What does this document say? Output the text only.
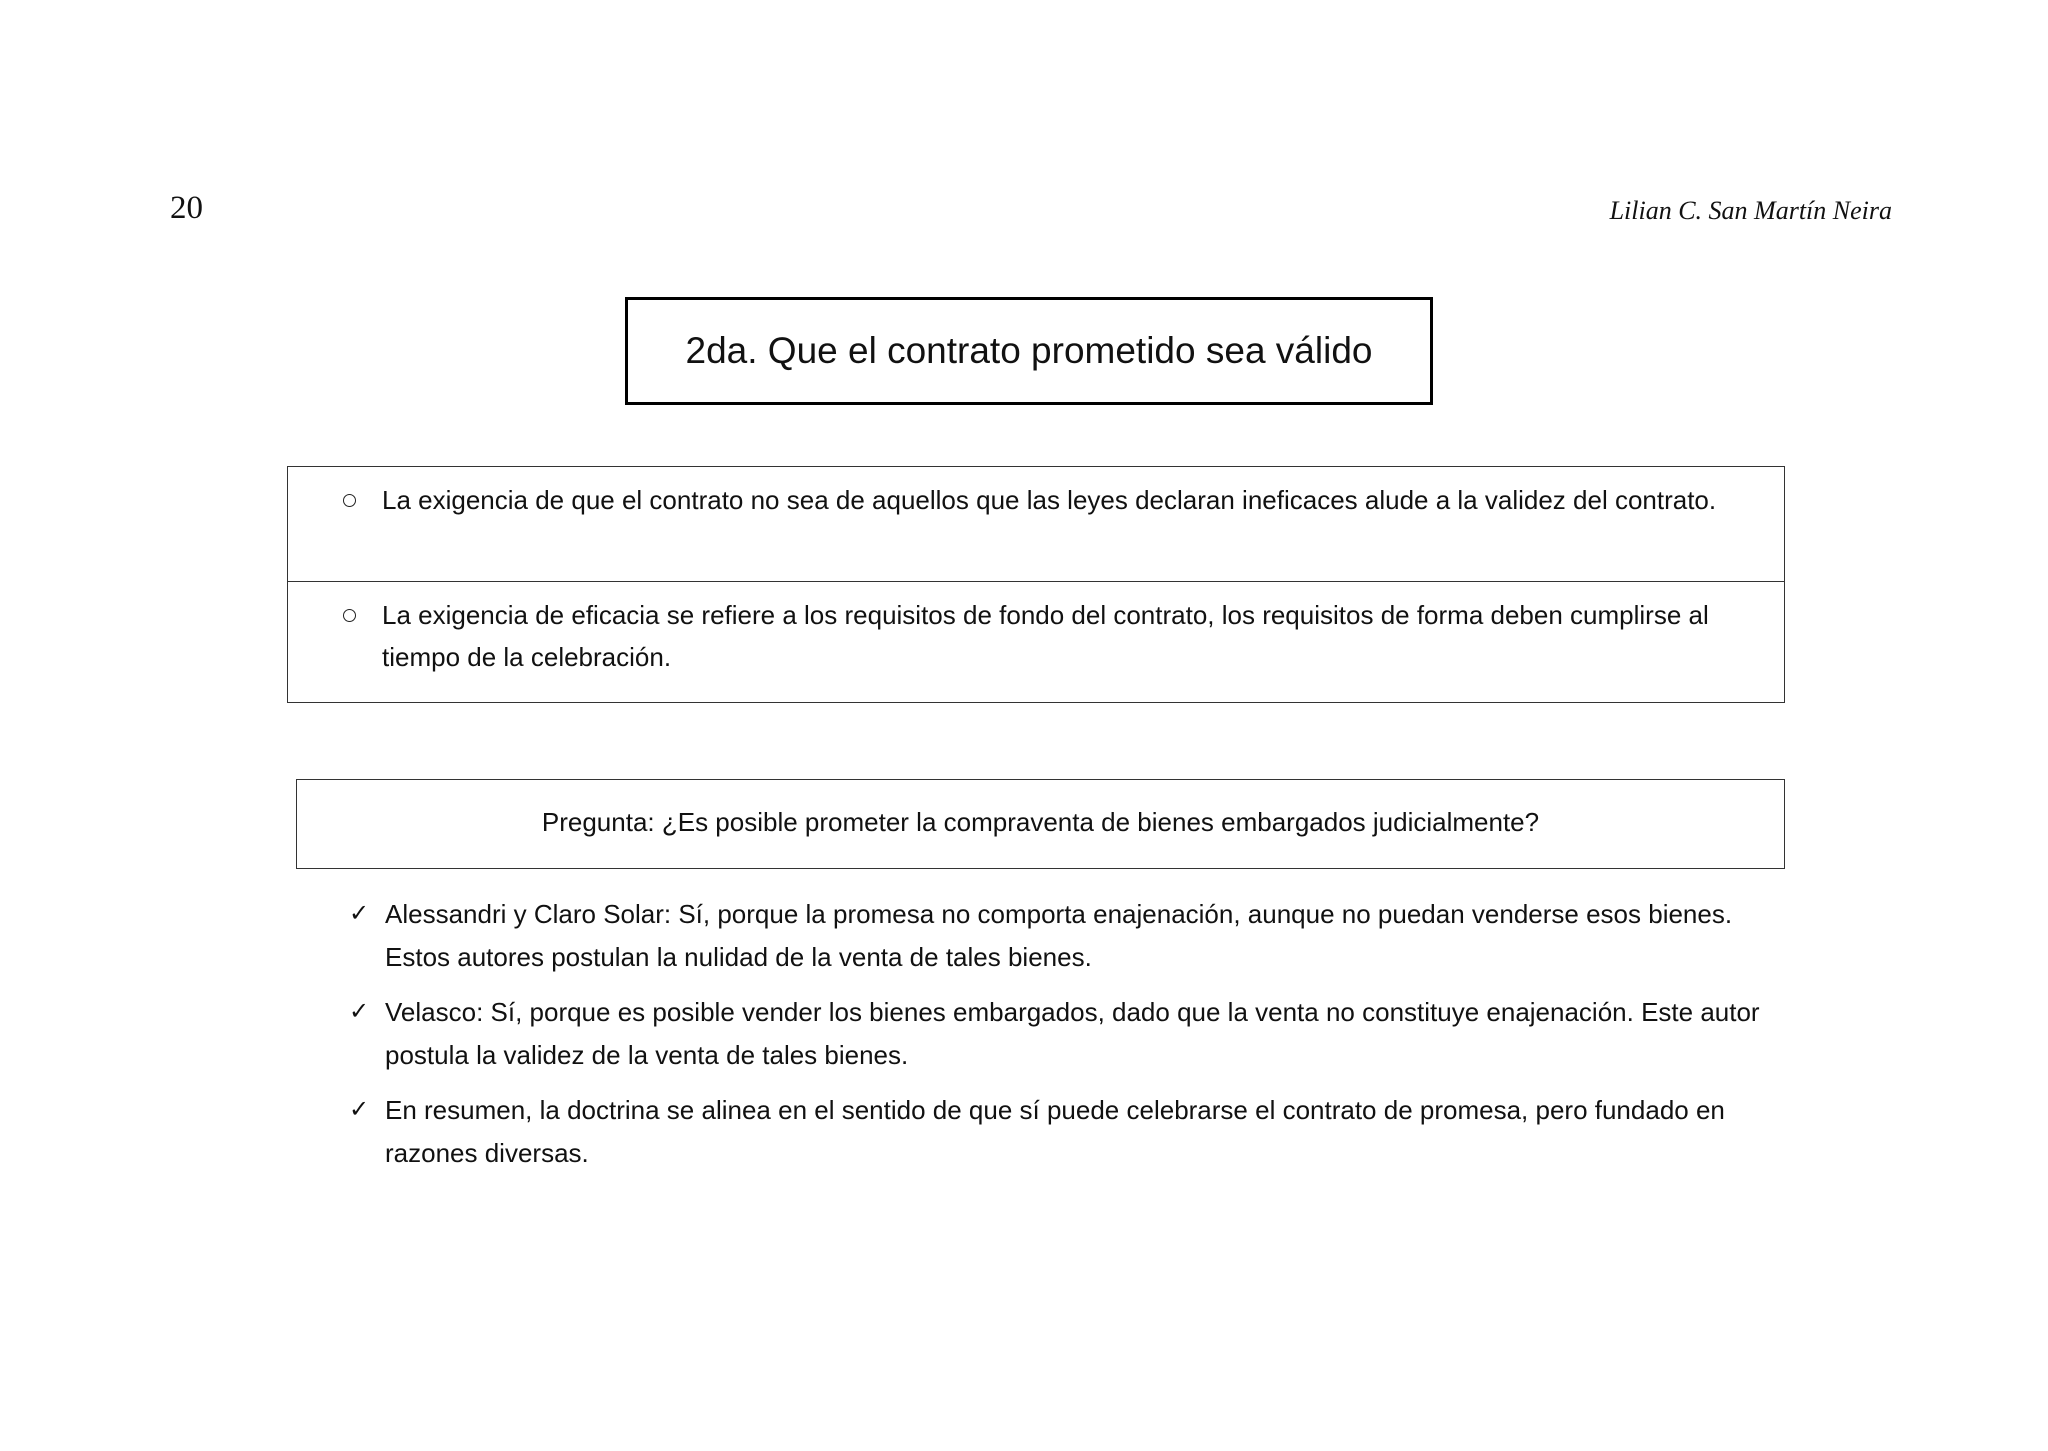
20	Lilian C. San Martín Neira
2da. Que el contrato prometido sea válido
La exigencia de que el contrato no sea de aquellos que las leyes declaran ineficaces alude a la validez del contrato.
La exigencia de eficacia se refiere a los requisitos de fondo del contrato, los requisitos de forma deben cumplirse al tiempo de la celebración.
Pregunta: ¿Es posible prometer la compraventa de bienes embargados judicialmente?
✓ Alessandri y Claro Solar: Sí, porque la promesa no comporta enajenación, aunque no puedan venderse esos bienes. Estos autores postulan la nulidad de la venta de tales bienes.
✓ Velasco: Sí, porque es posible vender los bienes embargados, dado que la venta no constituye enajenación. Este autor postula la validez de la venta de tales bienes.
✓ En resumen, la doctrina se alinea en el sentido de que sí puede celebrarse el contrato de promesa, pero fundado en razones diversas.
